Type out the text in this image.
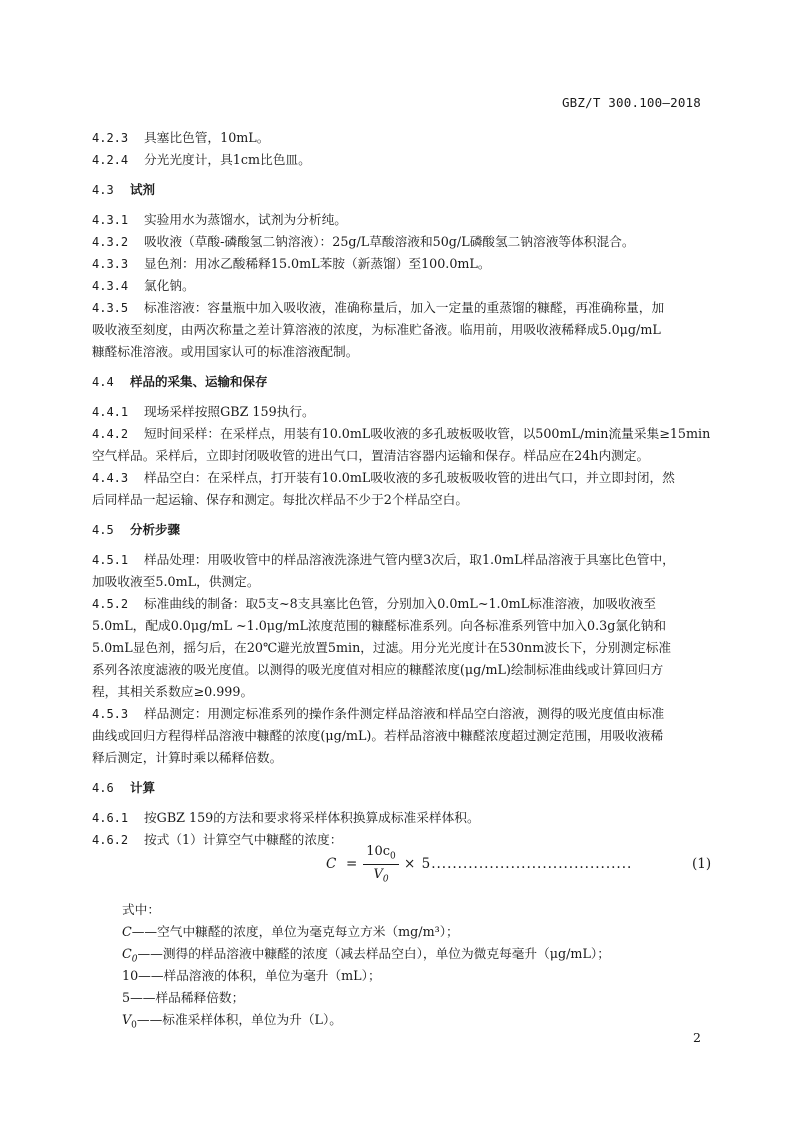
GBZ/T 300.100—2018
4.2.3 具塞比色管，10mL。
4.2.4 分光光度计，具1cm比色皿。
4.3 试剂
4.3.1 实验用水为蒸馏水，试剂为分析纯。
4.3.2 吸收液（草酸-磷酸氢二钠溶液）：25g/L草酸溶液和50g/L磷酸氢二钠溶液等体积混合。
4.3.3 显色剂：用冰乙酸稀释15.0mL苯胺（新蒸馏）至100.0mL。
4.3.4 氯化钠。
4.3.5 标准溶液：容量瓶中加入吸收液，准确称量后，加入一定量的重蒸馏的糠醛，再准确称量，加
吸收液至刻度，由两次称量之差计算溶液的浓度，为标准贮备液。临用前，用吸收液稀释成5.0μg/mL
糠醛标准溶液。或用国家认可的标准溶液配制。
4.4 样品的采集、运输和保存
4.4.1 现场采样按照GBZ 159执行。
4.4.2 短时间采样：在采样点，用装有10.0mL吸收液的多孔玻板吸收管，以500mL/min流量采集≥15min
空气样品。采样后，立即封闭吸收管的进出气口，置清洁容器内运输和保存。样品应在24h内测定。
4.4.3 样品空白：在采样点，打开装有10.0mL吸收液的多孔玻板吸收管的进出气口，并立即封闭，然
后同样品一起运输、保存和测定。每批次样品不少于2个样品空白。
4.5 分析步骤
4.5.1 样品处理：用吸收管中的样品溶液洗涤进气管内壁3次后，取1.0mL样品溶液于具塞比色管中，
加吸收液至5.0mL，供测定。
4.5.2 标准曲线的制备：取5支~8支具塞比色管，分别加入0.0mL~1.0mL标准溶液，加吸收液至
5.0mL，配成0.0μg/mL ~1.0μg/mL浓度范围的糠醛标准系列。向各标准系列管中加入0.3g氯化钠和
5.0mL显色剂，摇匀后，在20℃避光放置5min，过滤。用分光光度计在530nm波长下，分别测定标准
系列各浓度滤液的吸光度值。以测得的吸光度值对相应的糠醛浓度(μg/mL)绘制标准曲线或计算回归方
程，其相关系数应≥0.999。
4.5.3 样品测定：用测定标准系列的操作条件测定样品溶液和样品空白溶液，测得的吸光度值由标准
曲线或回归方程得样品溶液中糠醛的浓度(μg/mL)。若样品溶液中糠醛浓度超过测定范围，用吸收液稀
释后测定，计算时乘以稀释倍数。
4.6 计算
4.6.1 按GBZ 159的方法和要求将采样体积换算成标准采样体积。
4.6.2 按式（1）计算空气中糠醛的浓度：
C =
$10c_0$
$V_0$
× 5......................................	(1)
式中：
C——空气中糠醛的浓度，单位为毫克每立方米（mg/m³）；
$C_0——$测得的样品溶液中糠醛的浓度（减去样品空白），单位为微克每毫升（μg/mL）；
10——样品溶液的体积，单位为毫升（mL）；
5——样品稀释倍数；
$V_0——$标准采样体积，单位为升（L）。
2
